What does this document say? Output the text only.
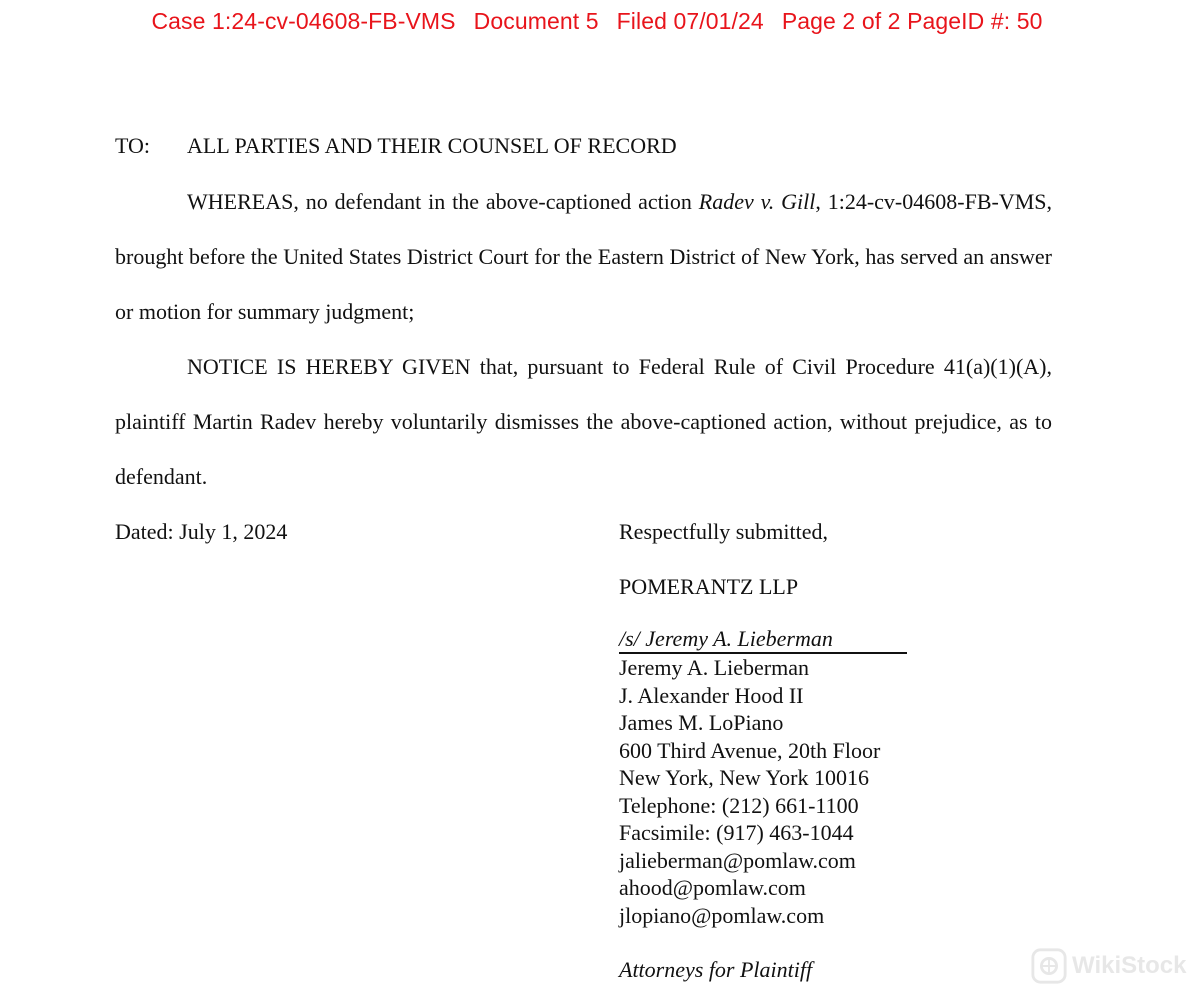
Case 1:24-cv-04608-FB-VMS Document 5 Filed 07/01/24 Page 2 of 2 PageID #: 50
TO: ALL PARTIES AND THEIR COUNSEL OF RECORD
WHEREAS, no defendant in the above-captioned action Radev v. Gill, 1:24-cv-04608-FB-VMS, brought before the United States District Court for the Eastern District of New York, has served an answer or motion for summary judgment;
NOTICE IS HEREBY GIVEN that, pursuant to Federal Rule of Civil Procedure 41(a)(1)(A), plaintiff Martin Radev hereby voluntarily dismisses the above-captioned action, without prejudice, as to defendant.
Dated: July 1, 2024	Respectfully submitted,
POMERANTZ LLP
/s/ Jeremy A. Lieberman
Jeremy A. Lieberman
J. Alexander Hood II
James M. LoPiano
600 Third Avenue, 20th Floor
New York, New York 10016
Telephone: (212) 661-1100
Facsimile: (917) 463-1044
jalieberman@pomlaw.com
ahood@pomlaw.com
jlopiano@pomlaw.com
Attorneys for Plaintiff	WikiStock
